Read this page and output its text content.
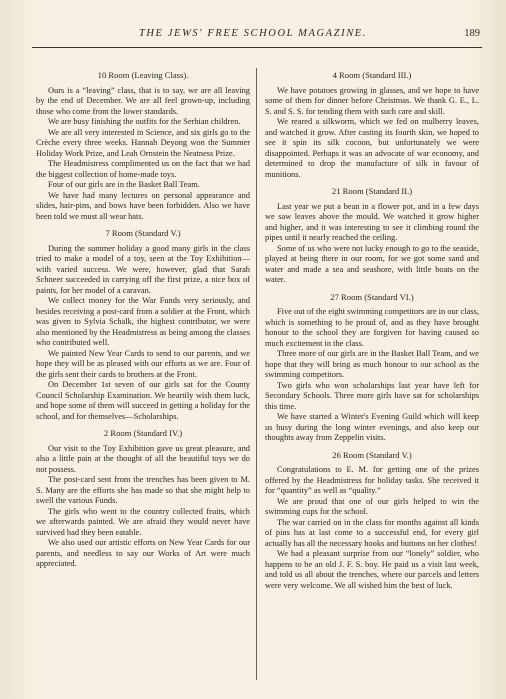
THE JEWS' FREE SCHOOL MAGAZINE.	189
10 Room (Leaving Class).
Ours is a “leaving” class, that is to say, we are all leaving by the end of December. We are all feel grown-up, including those who come from the lower standards.
We are busy finishing the outfits for the Serbian children.
We are all very interested in Science, and six girls go to the Crèche every three weeks. Hannah Deyong won the Summer Holiday Work Prize, and Leah Ornstein the Neatness Prize.
The Headmistress complimented us on the fact that we had the biggest collection of home-made toys.
Four of our girls are in the Basket Ball Team.
We have had many lectures on personal appearance and slides, hair-pins, and bows have been forbidden. Also we have been told we must all wear hats.
7 Room (Standard V.)
During the summer holiday a good many girls in the class tried to make a model of a toy, seen at the Toy Exhibition—with varied success. We were, however, glad that Sarah Schneer succeeded in carrying off the first prize, a nice box of paints, for her model of a caravan.
We collect money for the War Funds very seriously, and besides receiving a post-card from a soldier at the Front, which was given to Sylvia Schalk, the highest contributor, we were also mentioned by the Headmistress as being among the classes who contributed well.
We painted New Year Cards to send to our parents, and we hope they will be as pleased with our efforts as we are. Four of the girls sent their cards to brothers at the Front.
On December 1st seven of our girls sat for the County Council Scholarship Examination. We heartily wish them luck, and hope some of them will succeed in getting a holiday for the school, and for themselves—Scholarships.
2 Room (Standard IV.)
Our visit to the Toy Exhibition gave us great pleasure, and also a little pain at the thought of all the beautiful toys we do not possess.
The post-card sent from the trenches has been given to M. S. Many are the efforts she has made so that she might help to swell the various Funds.
The girls who went to the country collected fruits, which we afterwards painted. We are afraid they would never have survived had they been eatable.
We also used our artistic efforts on New Year Cards for our parents, and needless to say our Works of Art were much appreciated.
4 Room (Standard III.)
We have potatoes growing in glasses, and we hope to have some of them for dinner before Christmas. We thank G. E., L. S. and S. S. for tending them with such care and skill.
We reared a silkworm, which we fed on mulberry leaves, and watched it grow. After casting its fourth skin, we hoped to see it spin its silk cocoon, but unfortunately we were disappointed. Perhaps it was an advocate of war economy, and determined to drop the manufacture of silk in favour of munitions.
21 Room (Standard II.)
Last year we put a bean in a flower pot, and in a few days we saw leaves above the mould. We watched it grow higher and higher, and it was interesting to see it climbing round the pipes until it nearly reached the ceiling.
Some of us who were not lucky enough to go to the seaside, played at being there in our room, for we got some sand and water and made a sea and seashore, with little boats on the water.
27 Room (Standard VI.)
Five out of the eight swimming competitors are in our class, which is something to be proud of, and as they have brought honour to the school they are forgiven for having caused so much excitement in the class.
Three more of our girls are in the Basket Ball Team, and we hope that they will bring as much honour to our school as the swimming competitors.
Two girls who won scholarships last year have left for Secondary Schools. Three more girls have sat for scholarships this time.
We have started a Winter's Evening Guild which will keep us busy during the long winter evenings, and also keep our thoughts away from Zeppelin visits.
26 Room (Standard V.)
Congratulations to E. M. for getting one of the prizes offered by the Headmistress for holiday tasks. She received it for “quantity” as well as “quality.”
We are proud that one of our girls helped to win the swimming cups for the school.
The war carried on in the class for months against all kinds of pins has at last come to a successful end, for every girl actually has all the necessary hooks and buttons on her clothes!
We had a pleasant surprise from our “lonely” soldier, who happens to be an old J. F. S. boy. He paid us a visit last week, and told us all about the trenches, where our parcels and letters were very welcome. We all wished him the best of luck.
